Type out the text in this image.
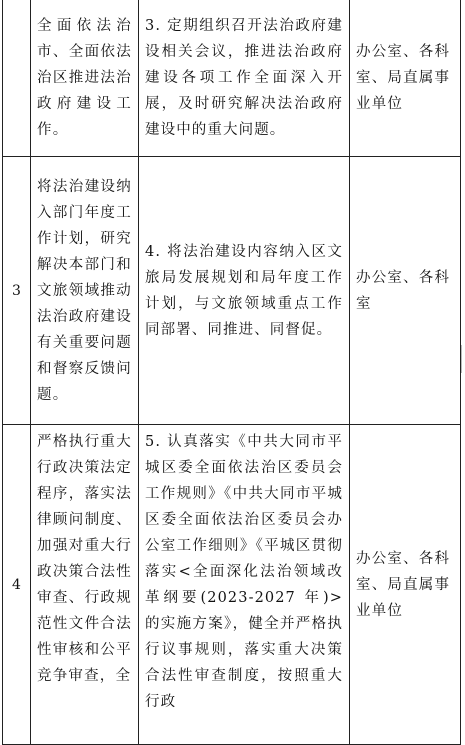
	全面依法治市、全面依法治区推进法治政府建设工作。	3. 定期组织召开法治政府建设相关会议，推进法治政府建设各项工作全面深入开展，及时研究解决法治政府建设中的重大问题。	办公室、各科室、局直属事业单位
3	将法治建设纳入部门年度工作计划，研究解决本部门和文旅领域推动法治政府建设有关重要问题和督察反馈问题。	4. 将法治建设内容纳入区文旅局发展规划和局年度工作计划，与文旅领域重点工作同部署、同推进、同督促。	办公室、各科室
4	严格执行重大行政决策法定程序，落实法律顾问制度、加强对重大行政决策合法性审查、行政规范性文件合法性审核和公平竞争审查，全	5. 认真落实《中共大同市平城区委全面依法治区委员会工作规则》《中共大同市平城区委全面依法治区委员会办公室工作细则》《平城区贯彻落实<全面深化法治领域改革纲要(2023-2027 年)>的实施方案》，健全并严格执行议事规则，落实重大决策合法性审查制度，按照重大行政	办公室、各科室、局直属事业单位
